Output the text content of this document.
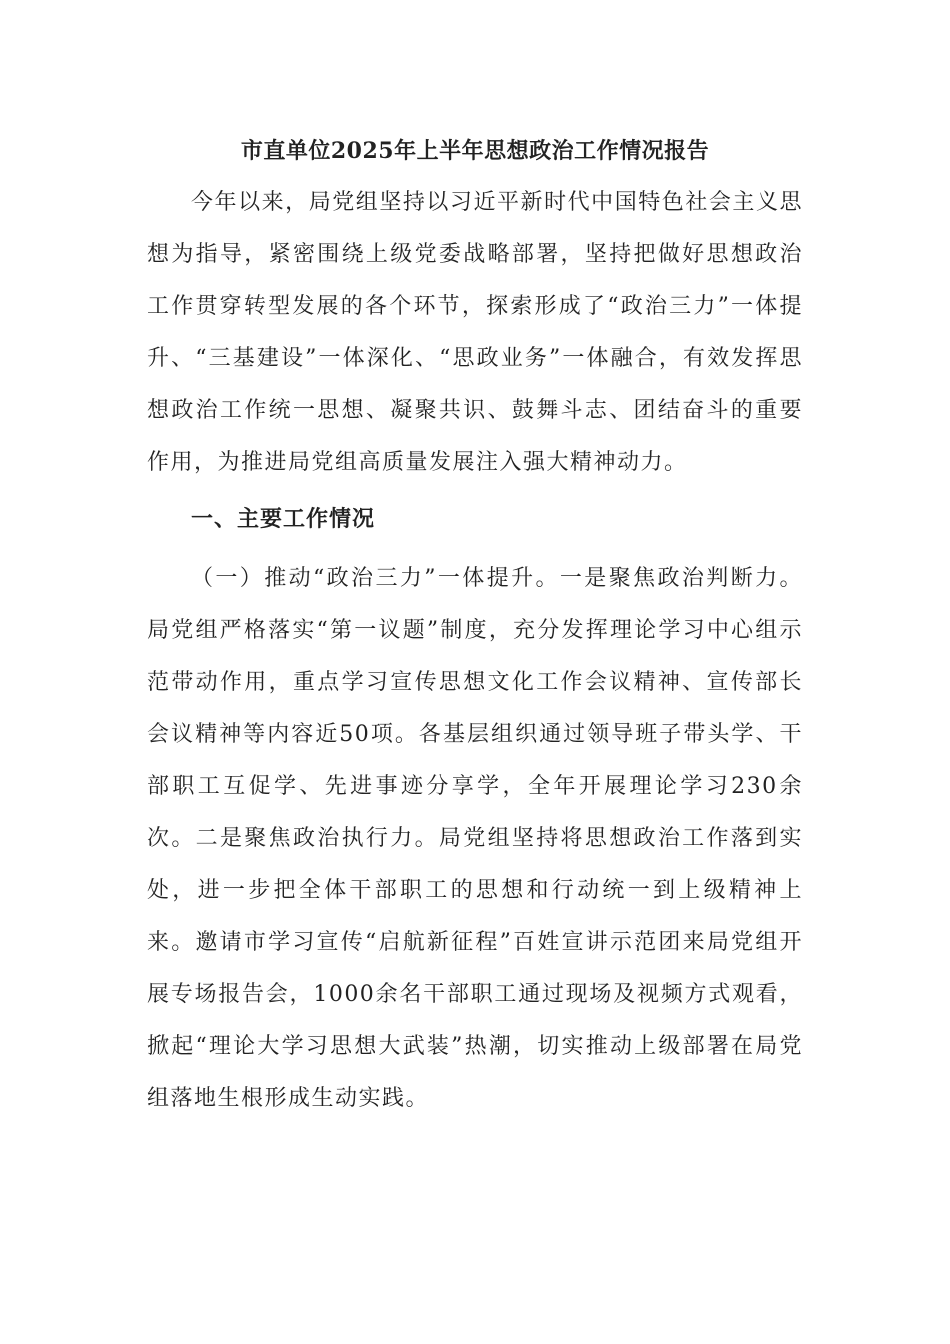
市直单位2025年上半年思想政治工作情况报告

今年以来，局党组坚持以习近平新时代中国特色社会主义思想为指导，紧密围绕上级党委战略部署，坚持把做好思想政治工作贯穿转型发展的各个环节，探索形成了“政治三力”一体提升、“三基建设”一体深化、“思政业务”一体融合，有效发挥思想政治工作统一思想、凝聚共识、鼓舞斗志、团结奋斗的重要作用，为推进局党组高质量发展注入强大精神动力。

一、主要工作情况

（一）推动“政治三力”一体提升。一是聚焦政治判断力。局党组严格落实“第一议题”制度，充分发挥理论学习中心组示范带动作用，重点学习宣传思想文化工作会议精神、宣传部长会议精神等内容近50项。各基层组织通过领导班子带头学、干部职工互促学、先进事迹分享学，全年开展理论学习230余次。二是聚焦政治执行力。局党组坚持将思想政治工作落到实处，进一步把全体干部职工的思想和行动统一到上级精神上来。邀请市学习宣传“启航新征程”百姓宣讲示范团来局党组开展专场报告会，1000余名干部职工通过现场及视频方式观看，掀起“理论大学习思想大武装”热潮，切实推动上级部署在局党组落地生根形成生动实践。
